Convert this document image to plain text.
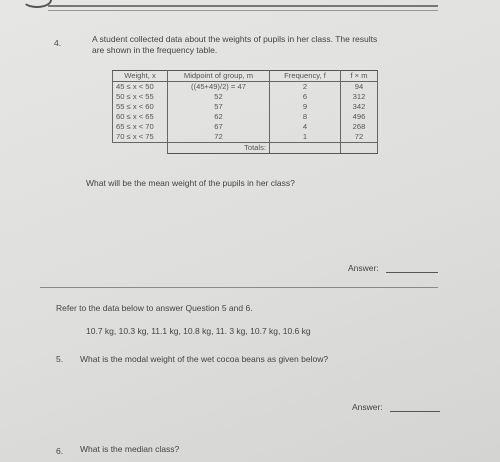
4.	A student collected data about the weights of pupils in her class. The results
are shown in the frequency table.
Weight, x	Midpoint of group, m	Frequency, f	f × m
45 ≤ x < 50	((45+49)/2) = 47	2	94
50 ≤ x < 55	52	6	312
55 ≤ x < 60	57	9	342
60 ≤ x < 65	62	8	496
65 ≤ x < 70	67	4	268
70 ≤ x < 75	72	1	72
	Totals:		
What will be the mean weight of the pupils in her class?
Answer:
Refer to the data below to answer Question 5 and 6.
10.7 kg, 10.3 kg, 11.1 kg, 10.8 kg, 11. 3 kg, 10.7 kg, 10.6 kg
5. What is the modal weight of the wet cocoa beans as given below?
Answer:
6. What is the median class?
